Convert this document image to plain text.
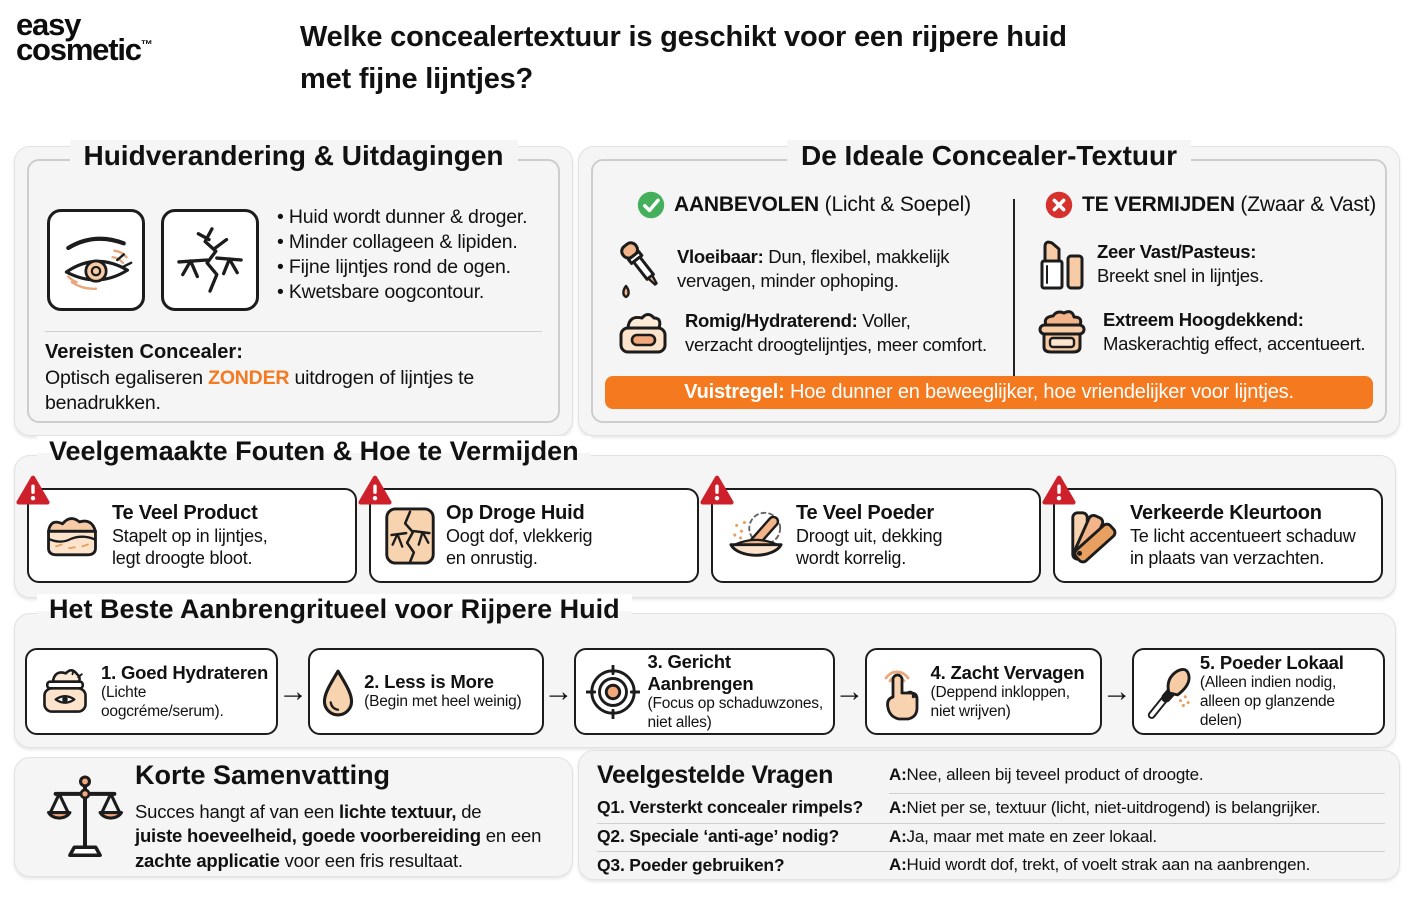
easy
cosmetic™	Welke concealertextuur is geschikt voor een rijpere huid
met fijne lijntjes?
Huidverandering & Uitdagingen
• Huid wordt dunner & droger.
• Minder collageen & lipiden.
• Fijne lijntjes rond de ogen.
• Kwetsbare oogcontour.
Vereisten Concealer:
Optisch egaliseren ZONDER uitdrogen of lijntjes te
benadrukken.
De Ideale Concealer-Textuur
AANBEVOLEN (Licht & Soepel)	TE VERMIJDEN (Zwaar & Vast)
Vloeibaar: Dun, flexibel, makkelijk
vervagen, minder ophoping.
Romig/Hydraterend: Voller,
verzacht droogtelijntjes, meer comfort.
Zeer Vast/Pasteus:
Breekt snel in lijntjes.
Extreem Hoogdekkend:
Maskerachtig effect, accentueert.
Vuistregel: Hoe dunner en beweeglijker, hoe vriendelijker voor lijntjes.
Veelgemaakte Fouten & Hoe te Vermijden
Te Veel Product
Stapelt op in lijntjes,
legt droogte bloot.
Op Droge Huid
Oogt dof, vlekkerig
en onrustig.
Te Veel Poeder
Droogt uit, dekking
wordt korrelig.
Verkeerde Kleurtoon
Te licht accentueert schaduw
in plaats van verzachten.
Het Beste Aanbrengritueel voor Rijpere Huid
1. Goed Hydrateren
(Lichte oogcréme/serum).
→	2. Less is More
(Begin met heel weinig) →
3. Gericht Aanbrengen
(Focus op schaduwzones,
niet alles)
→
4. Zacht Vervagen
(Deppend inkloppen,
niet wrijven)
→
5. Poeder Lokaal
(Alleen indien nodig,
alleen op glanzende delen)
Korte Samenvatting
Succes hangt af van een lichte textuur, de
juiste hoeveelheid, goede voorbereiding en een
zachte applicatie voor een fris resultaat.
Veelgestelde Vragen	A: Nee, alleen bij teveel product of droogte.
Q1. Versterkt concealer rimpels?	A: Niet per se, textuur (licht, niet-uitdrogend) is belangrijker.
Q2. Speciale ‘anti-age’ nodig?	A: Ja, maar met mate en zeer lokaal.
Q3. Poeder gebruiken?	A: Huid wordt dof, trekt, of voelt strak aan na aanbrengen.
